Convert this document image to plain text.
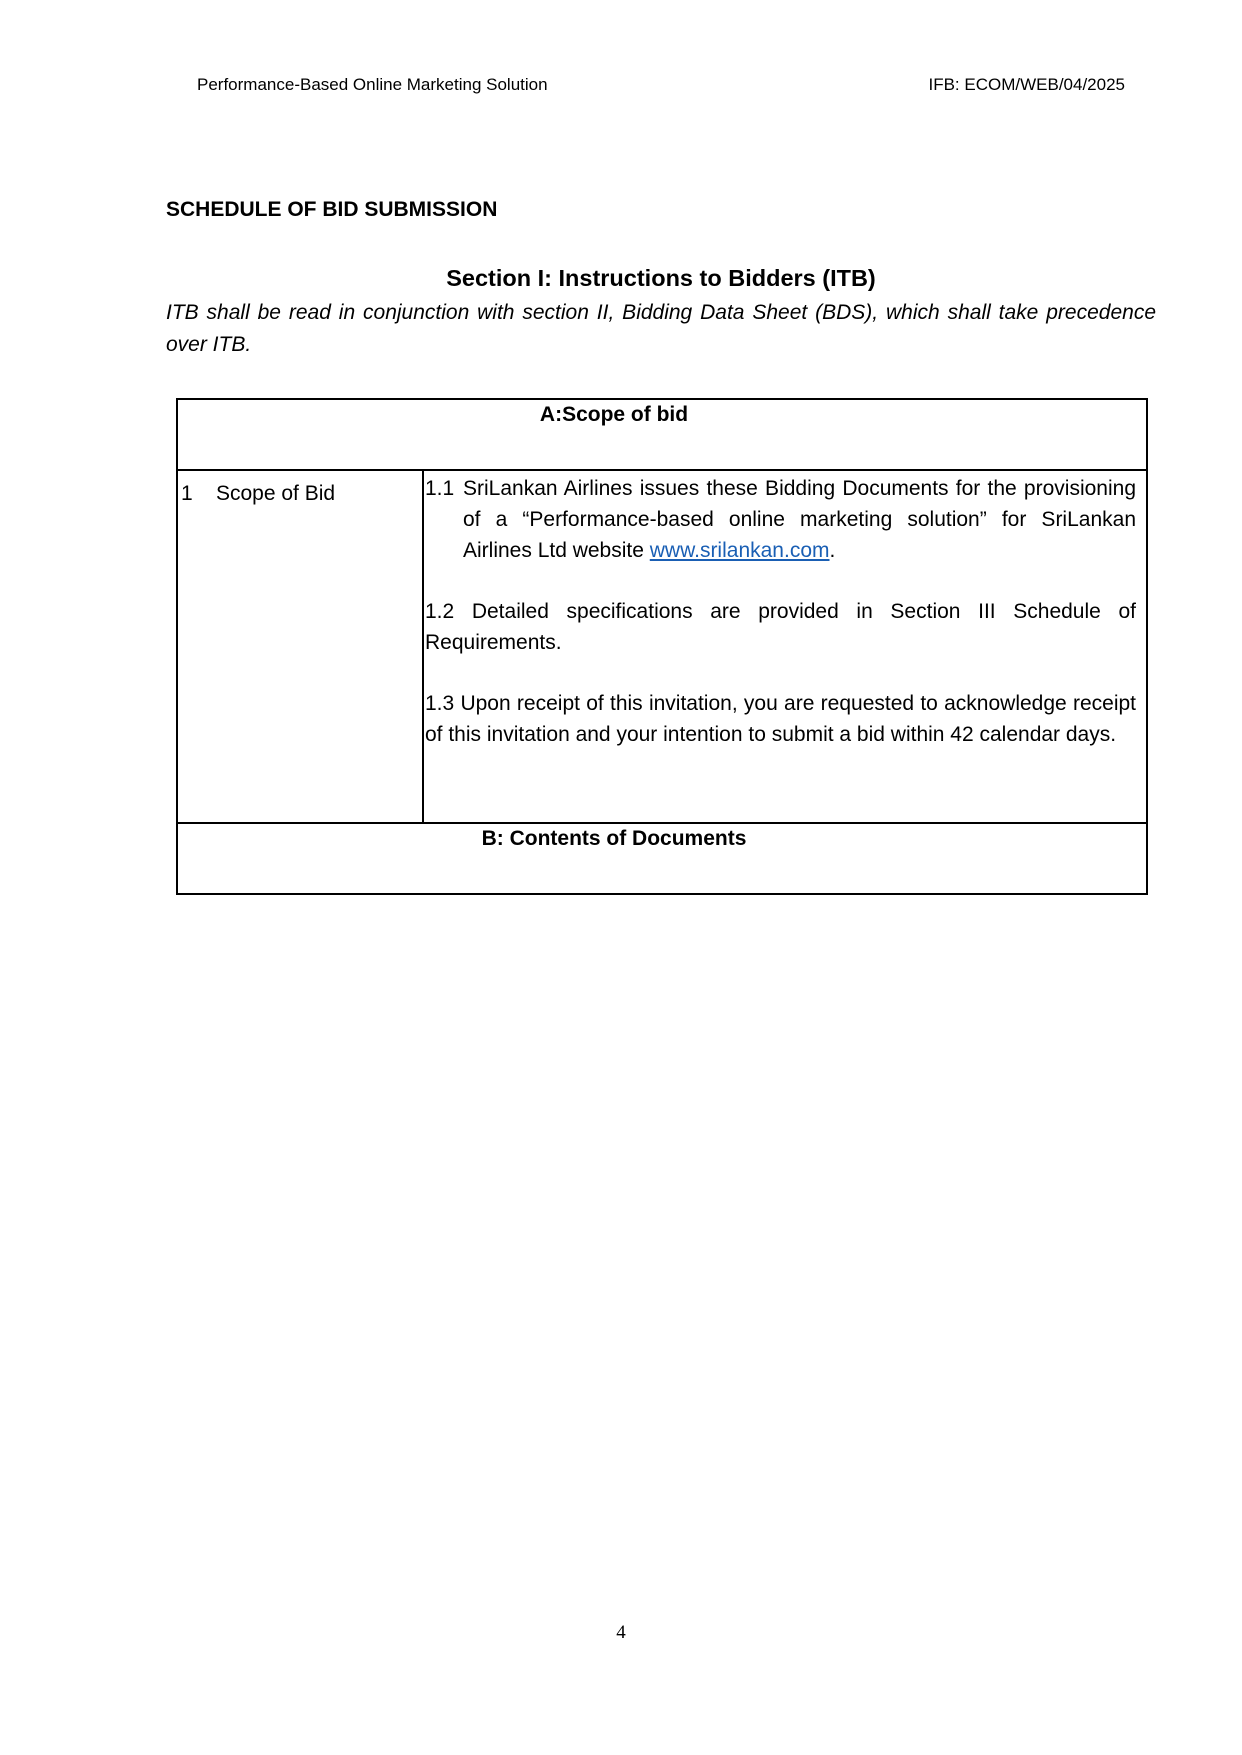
Performance-Based Online Marketing Solution	IFB: ECOM/WEB/04/2025
SCHEDULE OF BID SUBMISSION
Section I: Instructions to Bidders (ITB)

ITB shall be read in conjunction with section II, Bidding Data Sheet (BDS), which shall take precedence over ITB.

A:Scope of bid

1 Scope of Bid	1.1 SriLankan Airlines issues these Bidding Documents for the provisioning of a “Performance-based online marketing solution” for SriLankan Airlines Ltd website www.srilankan.com.

1.2 Detailed specifications are provided in Section III Schedule of Requirements.

1.3 Upon receipt of this invitation, you are requested to acknowledge receipt of this invitation and your intention to submit a bid within 42 calendar days.

B: Contents of Documents
4
